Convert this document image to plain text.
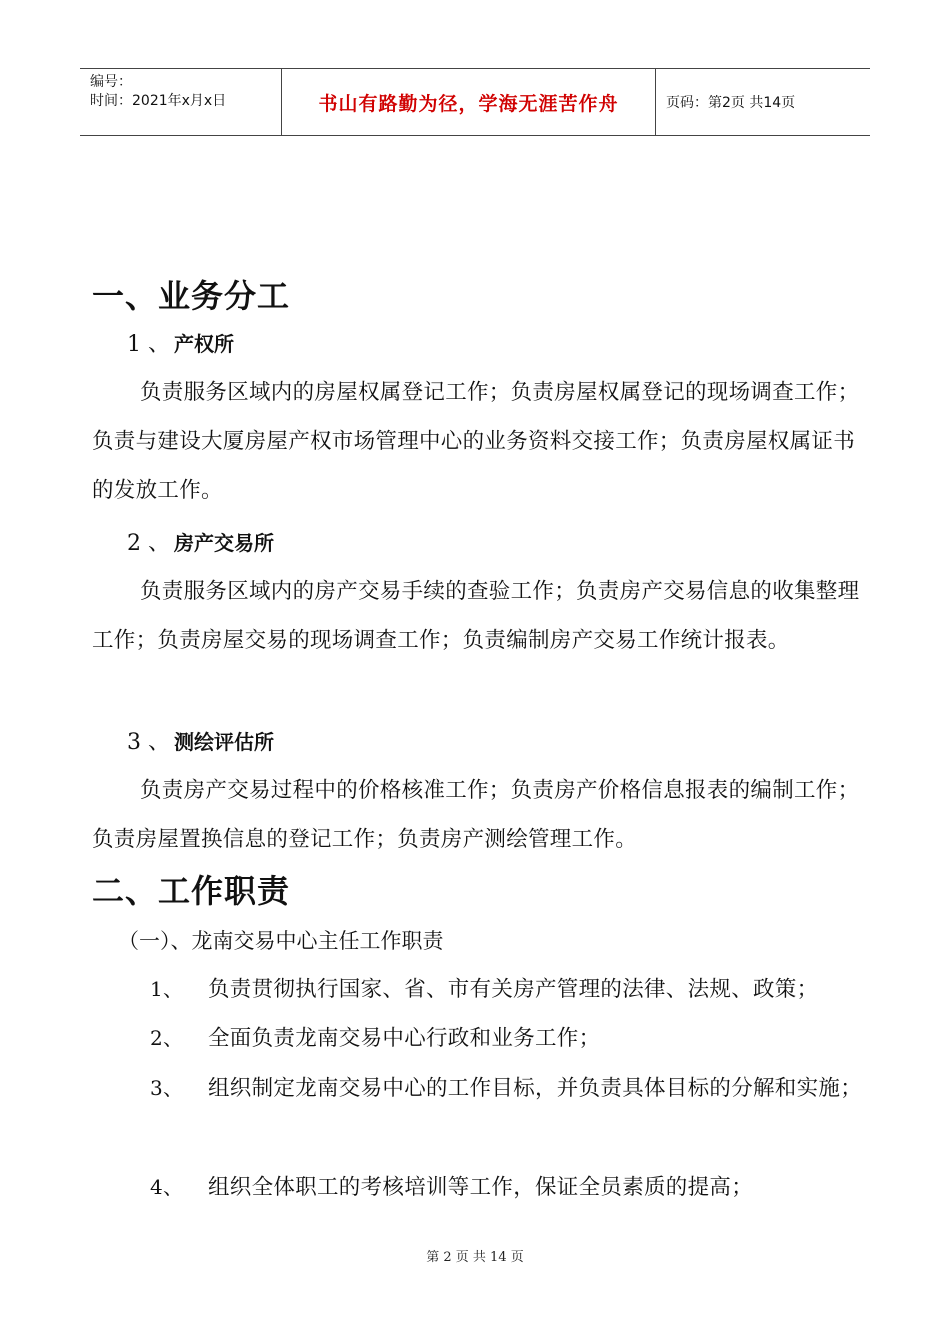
编号：
时间：2021年x月x日	书山有路勤为径，学海无涯苦作舟	页码：第2页 共14页
一、业务分工
1 、 产权所

负责服务区域内的房屋权属登记工作；负责房屋权属登记的现场调查工作；负责与建设大厦房屋产权市场管理中心的业务资料交接工作；负责房屋权属证书的发放工作。

2 、 房产交易所

负责服务区域内的房产交易手续的查验工作；负责房产交易信息的收集整理工作；负责房屋交易的现场调查工作；负责编制房产交易工作统计报表。

3 、 测绘评估所

负责房产交易过程中的价格核准工作；负责房产价格信息报表的编制工作；负责房屋置换信息的登记工作；负责房产测绘管理工作。

二、工作职责
（一）、龙南交易中心主任工作职责
1、	负责贯彻执行国家、省、市有关房产管理的法律、法规、政策；
2、	全面负责龙南交易中心行政和业务工作；
3、	组织制定龙南交易中心的工作目标，并负责具体目标的分解和实施；
4、	组织全体职工的考核培训等工作，保证全员素质的提高；
第 2 页 共 14 页
